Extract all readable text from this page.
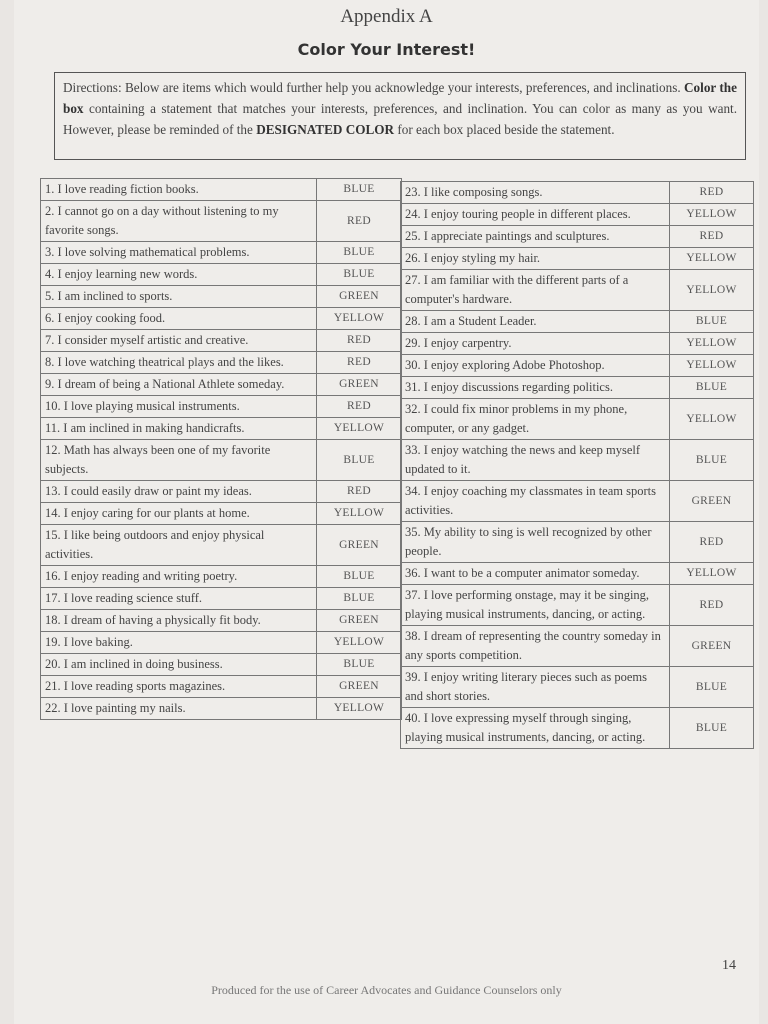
Appendix A
Color Your Interest!
Directions: Below are items which would further help you acknowledge your interests, preferences, and inclinations. Color the box containing a statement that matches your interests, preferences, and inclination. You can color as many as you want. However, please be reminded of the DESIGNATED COLOR for each box placed beside the statement.
1. I love reading fiction books.	BLUE
2. I cannot go on a day without listening to my favorite songs.	RED
3. I love solving mathematical problems.	BLUE
4. I enjoy learning new words.	BLUE
5. I am inclined to sports.	GREEN
6. I enjoy cooking food.	YELLOW
7. I consider myself artistic and creative.	RED
8. I love watching theatrical plays and the likes.	RED
9. I dream of being a National Athlete someday.	GREEN
10. I love playing musical instruments.	RED
11. I am inclined in making handicrafts.	YELLOW
12. Math has always been one of my favorite subjects.	BLUE
13. I could easily draw or paint my ideas.	RED
14. I enjoy caring for our plants at home.	YELLOW
15. I like being outdoors and enjoy physical activities.	GREEN
16. I enjoy reading and writing poetry.	BLUE
17. I love reading science stuff.	BLUE
18. I dream of having a physically fit body.	GREEN
19. I love baking.	YELLOW
20. I am inclined in doing business.	BLUE
21. I love reading sports magazines.	GREEN
22. I love painting my nails.	YELLOW
23. I like composing songs.	RED
24. I enjoy touring people in different places.	YELLOW
25. I appreciate paintings and sculptures.	RED
26. I enjoy styling my hair.	YELLOW
27. I am familiar with the different parts of a computer's hardware.	YELLOW
28. I am a Student Leader.	BLUE
29. I enjoy carpentry.	YELLOW
30. I enjoy exploring Adobe Photoshop.	YELLOW
31. I enjoy discussions regarding politics.	BLUE
32. I could fix minor problems in my phone, computer, or any gadget.	YELLOW
33. I enjoy watching the news and keep myself updated to it.	BLUE
34. I enjoy coaching my classmates in team sports activities.	GREEN
35. My ability to sing is well recognized by other people.	RED
36. I want to be a computer animator someday.	YELLOW
37. I love performing onstage, may it be singing, playing musical instruments, dancing, or acting.	RED
38. I dream of representing the country someday in any sports competition.	GREEN
39. I enjoy writing literary pieces such as poems and short stories.	BLUE
40. I love expressing myself through singing, playing musical instruments, dancing, or acting.	BLUE
14
Produced for the use of Career Advocates and Guidance Counselors only
